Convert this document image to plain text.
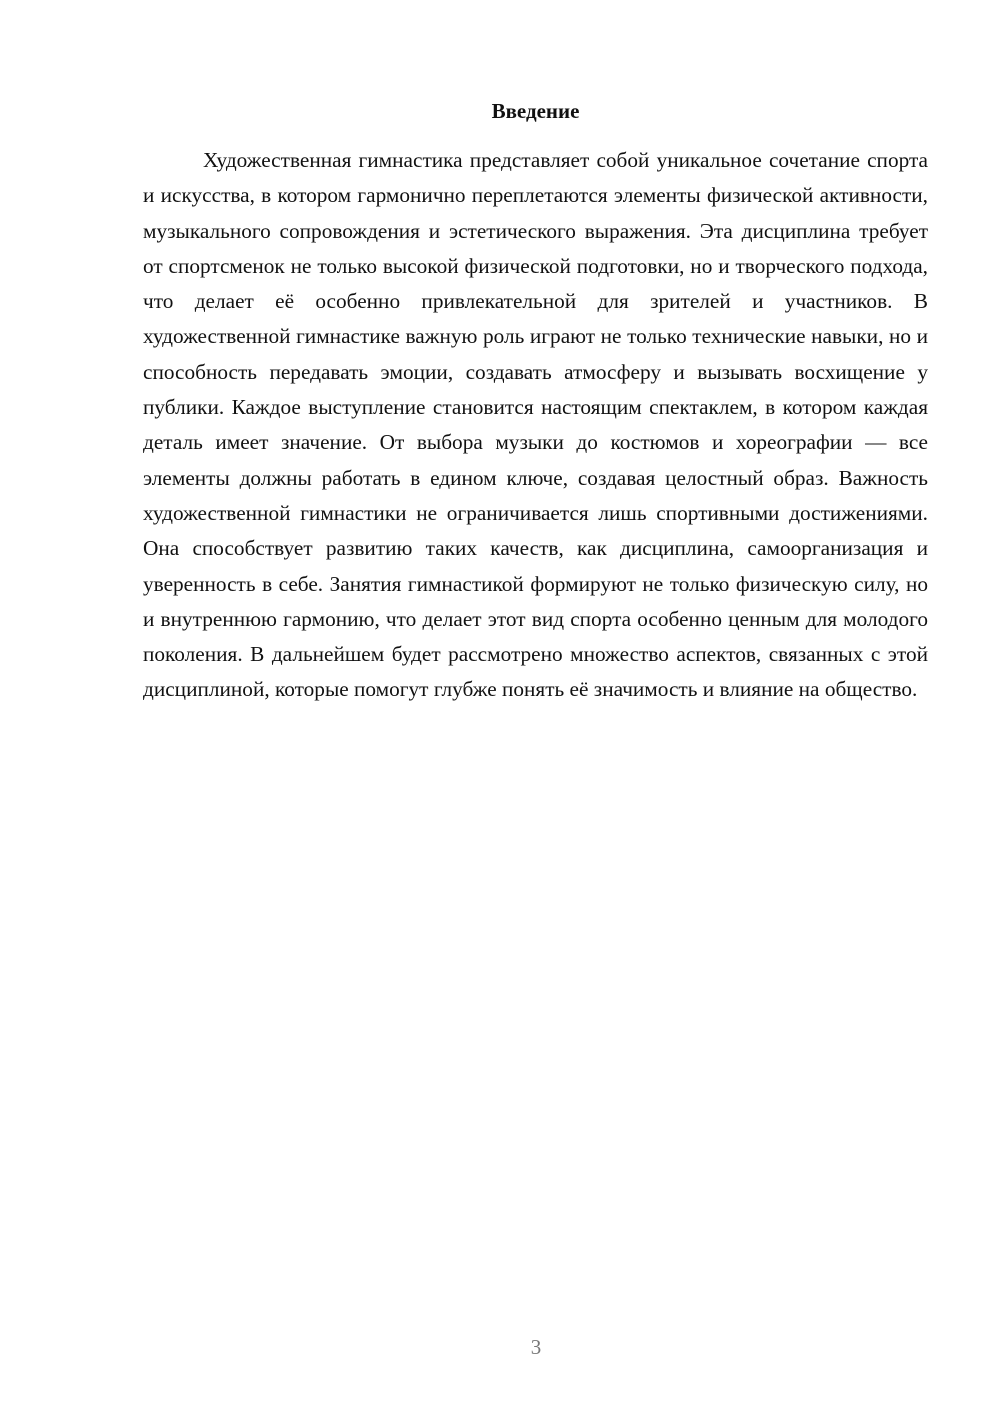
Введение

Художественная гимнастика представляет собой уникальное сочетание спорта и искусства, в котором гармонично переплетаются элементы физической активности, музыкального сопровождения и эстетического выражения. Эта дисциплина требует от спортсменок не только высокой физической подготовки, но и творческого подхода, что делает её особенно привлекательной для зрителей и участников. В художественной гимнастике важную роль играют не только технические навыки, но и способность передавать эмоции, создавать атмосферу и вызывать восхищение у публики. Каждое выступление становится настоящим спектаклем, в котором каждая деталь имеет значение. От выбора музыки до костюмов и хореографии — все элементы должны работать в едином ключе, создавая целостный образ. Важность художественной гимнастики не ограничивается лишь спортивными достижениями. Она способствует развитию таких качеств, как дисциплина, самоорганизация и уверенность в себе. Занятия гимнастикой формируют не только физическую силу, но и внутреннюю гармонию, что делает этот вид спорта особенно ценным для молодого поколения. В дальнейшем будет рассмотрено множество аспектов, связанных с этой дисциплиной, которые помогут глубже понять её значимость и влияние на общество.

3
